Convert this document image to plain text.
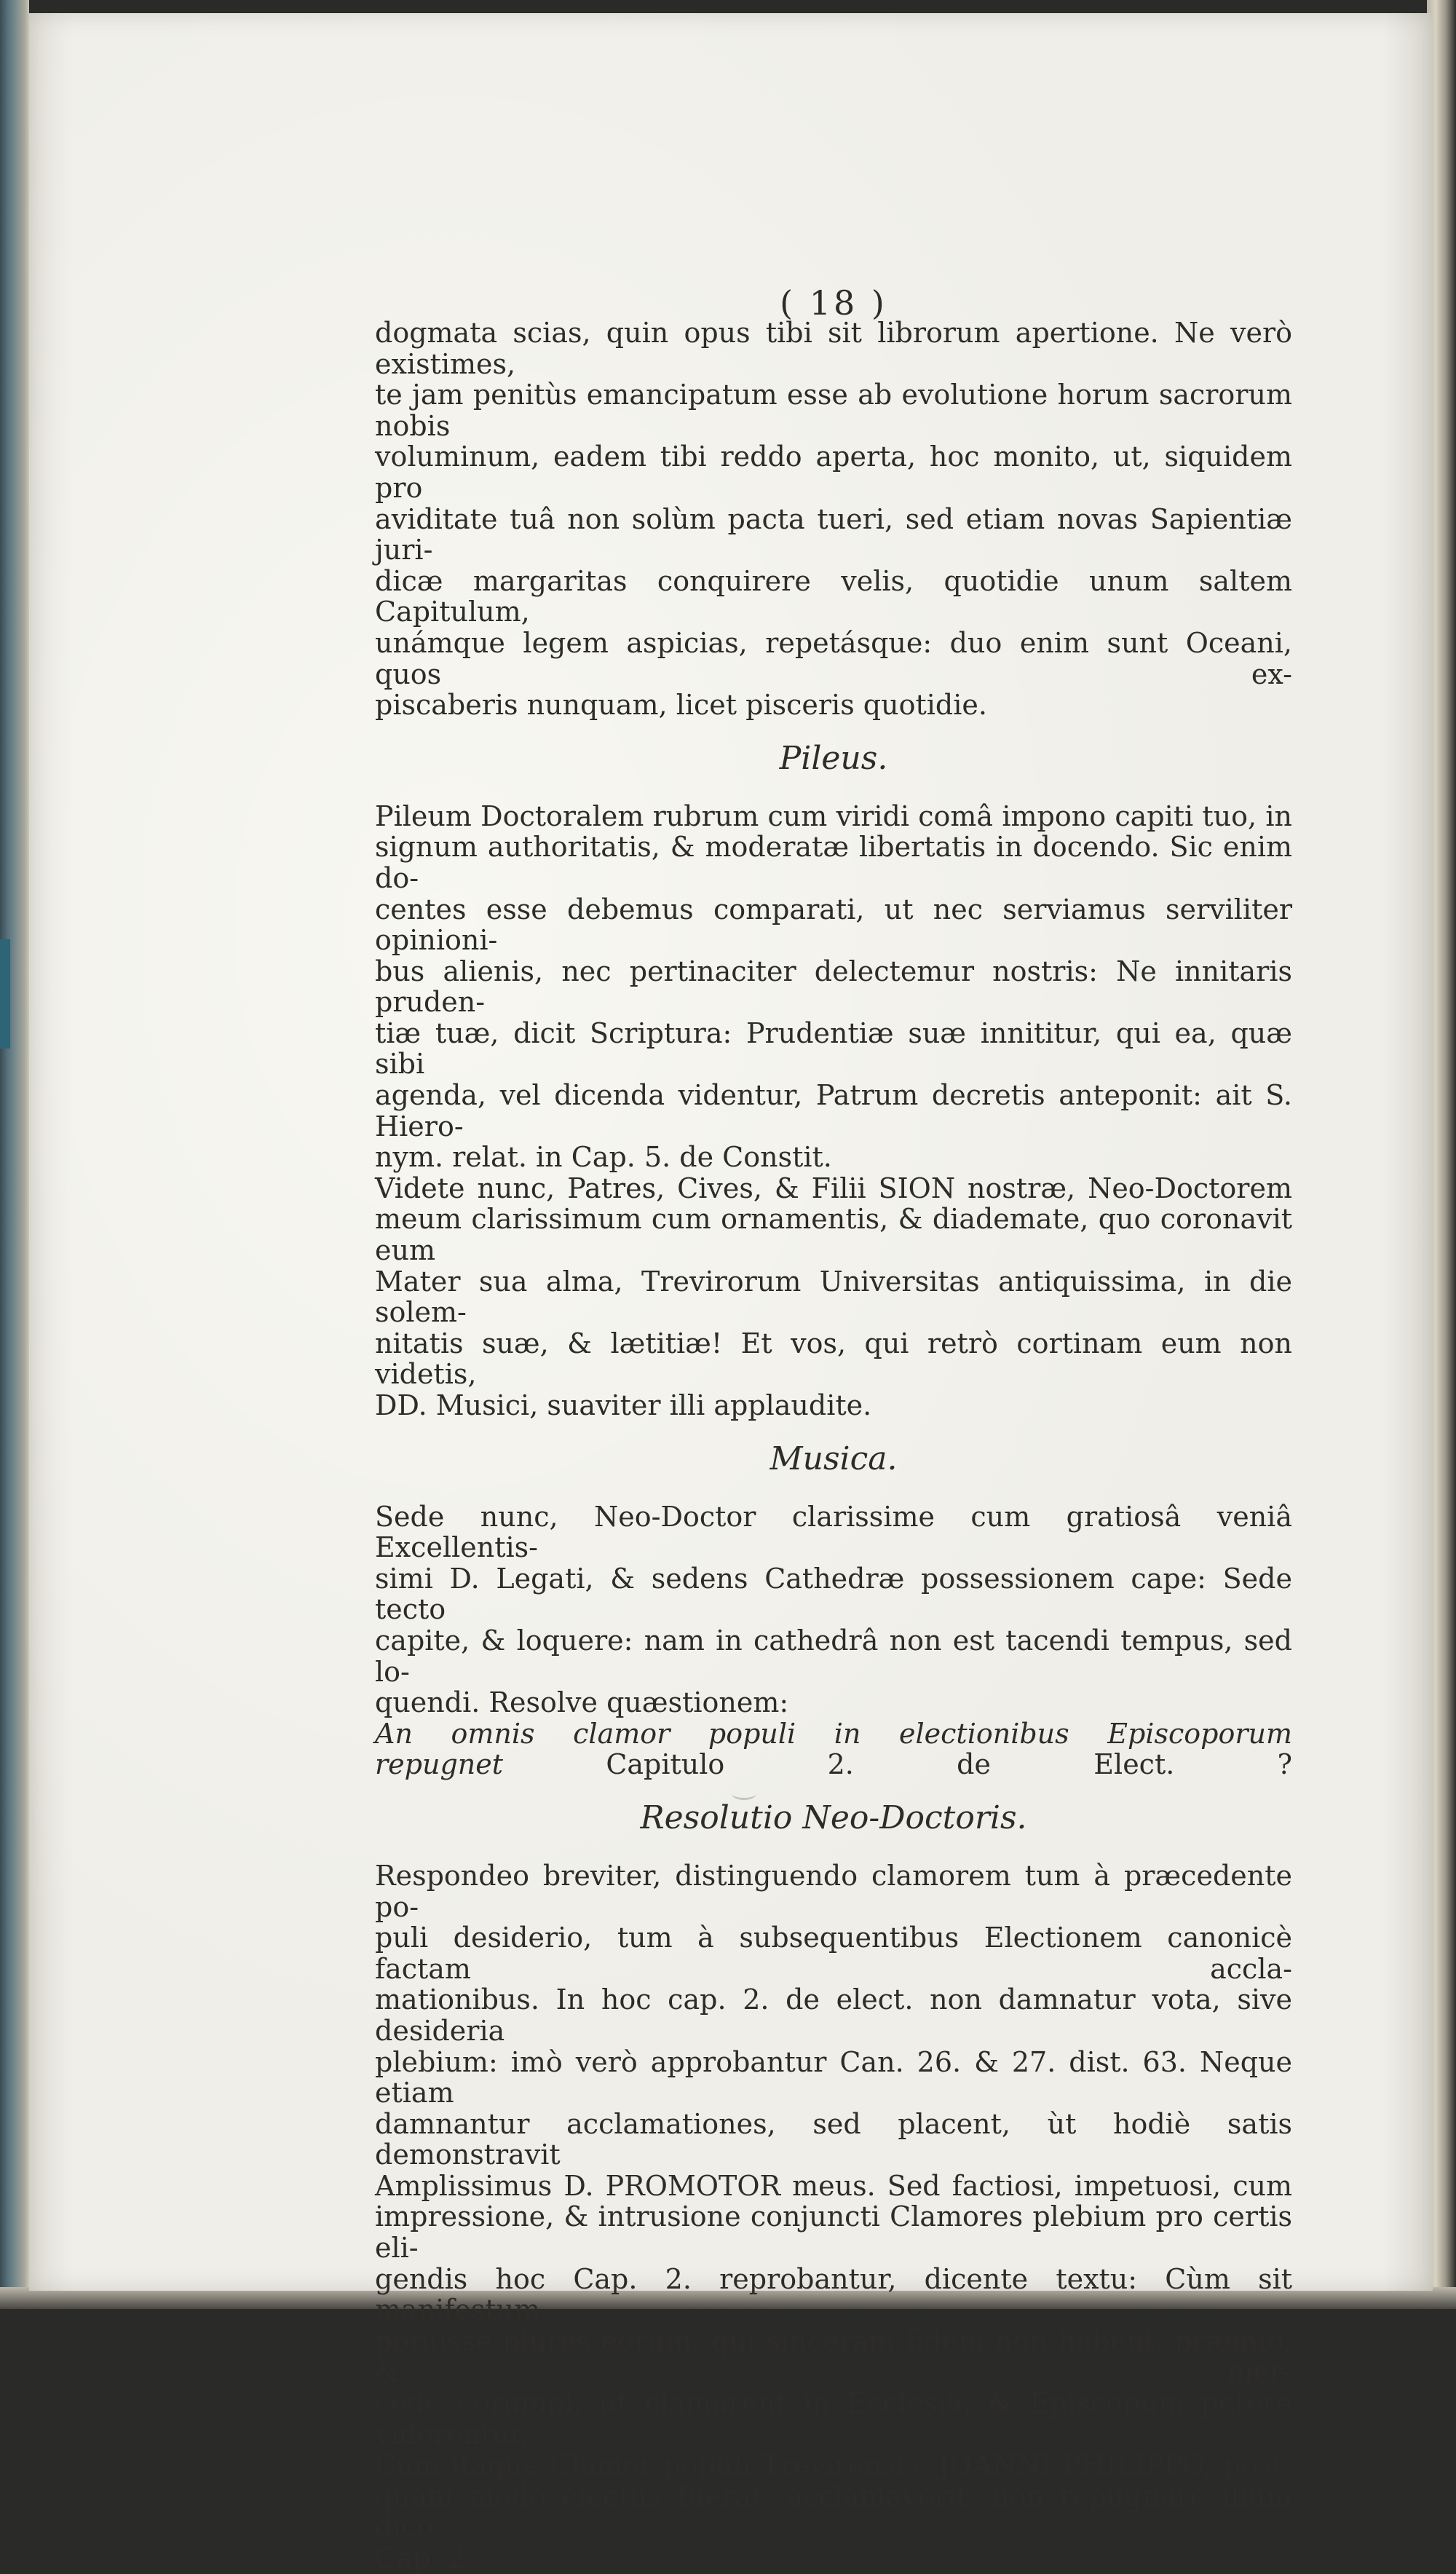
( 18 )

dogmata scias, quin opus tibi sit librorum apertione. Ne verò existimes,

te jam penitùs emancipatum esse ab evolutione horum sacrorum nobis

voluminum, eadem tibi reddo aperta, hoc monito, ut, siquidem pro

aviditate tuâ non solùm pacta tueri, sed etiam novas Sapientiæ juri-

dicæ margaritas conquirere velis, quotidie unum saltem Capitulum,

unámque legem aspicias, repetásque: duo enim sunt Oceani, quos ex-

piscaberis nunquam, licet pisceris quotidie.

Pileus.

Pileum Doctoralem rubrum cum viridi comâ impono capiti tuo, in

signum authoritatis, & moderatæ libertatis in docendo. Sic enim do-

centes esse debemus comparati, ut nec serviamus serviliter opinioni-

bus alienis, nec pertinaciter delectemur nostris: Ne innitaris pruden-

tiæ tuæ, dicit Scriptura: Prudentiæ suæ innititur, qui ea, quæ sibi

agenda, vel dicenda videntur, Patrum decretis anteponit: ait S. Hiero-

nym. relat. in Cap. 5. de Constit.

Videte nunc, Patres, Cives, & Filii SION nostræ, Neo-Doctorem

meum clarissimum cum ornamentis, & diademate, quo coronavit eum

Mater sua alma, Trevirorum Universitas antiquissima, in die solem-

nitatis suæ, & lætitiæ! Et vos, qui retrò cortinam eum non videtis,

DD. Musici, suaviter illi applaudite.

Musica.

Sede nunc, Neo-Doctor clarissime cum gratiosâ veniâ Excellentis-

simi D. Legati, & sedens Cathedræ possessionem cape: Sede tecto

capite, & loquere: nam in cathedrâ non est tacendi tempus, sed lo-

quendi. Resolve quæstionem:

An omnis clamor populi in electionibus Episcoporum

repugnet Capitulo 2. de Elect. ?

Resolutio Neo-Doctoris.

Respondeo breviter, distinguendo clamorem tum à præcedente po-

puli desiderio, tum à subsequentibus Electionem canonicè factam accla-

mationibus. In hoc cap. 2. de elect. non damnatur vota, sive desideria

plebium: imò verò approbantur Can. 26. & 27. dist. 63. Neque etiam

damnantur acclamationes, sed placent, ùt hodiè satis demonstravit

Amplissimus D. PROMOTOR meus. Sed factiosi, impetuosi, cum

impressione, & intrusione conjuncti Clamores plebium pro certis eli-

gendis hoc Cap. 2. reprobantur, dicente textu: Cùm sit manifestum,

potuisse plures eorum, qui sinceram fidem non habent, præmio, & mer-

cede corumpi, ut clamarent in Ecclesiâ, & Episcopum petere viderentur.

Cùm itaque Clamor populi Trevirensis, JOANNI PHILIPPO, post-

quam modò electus fuerat, acclamaverit, non repugnare illum dico

Cap. 2.
